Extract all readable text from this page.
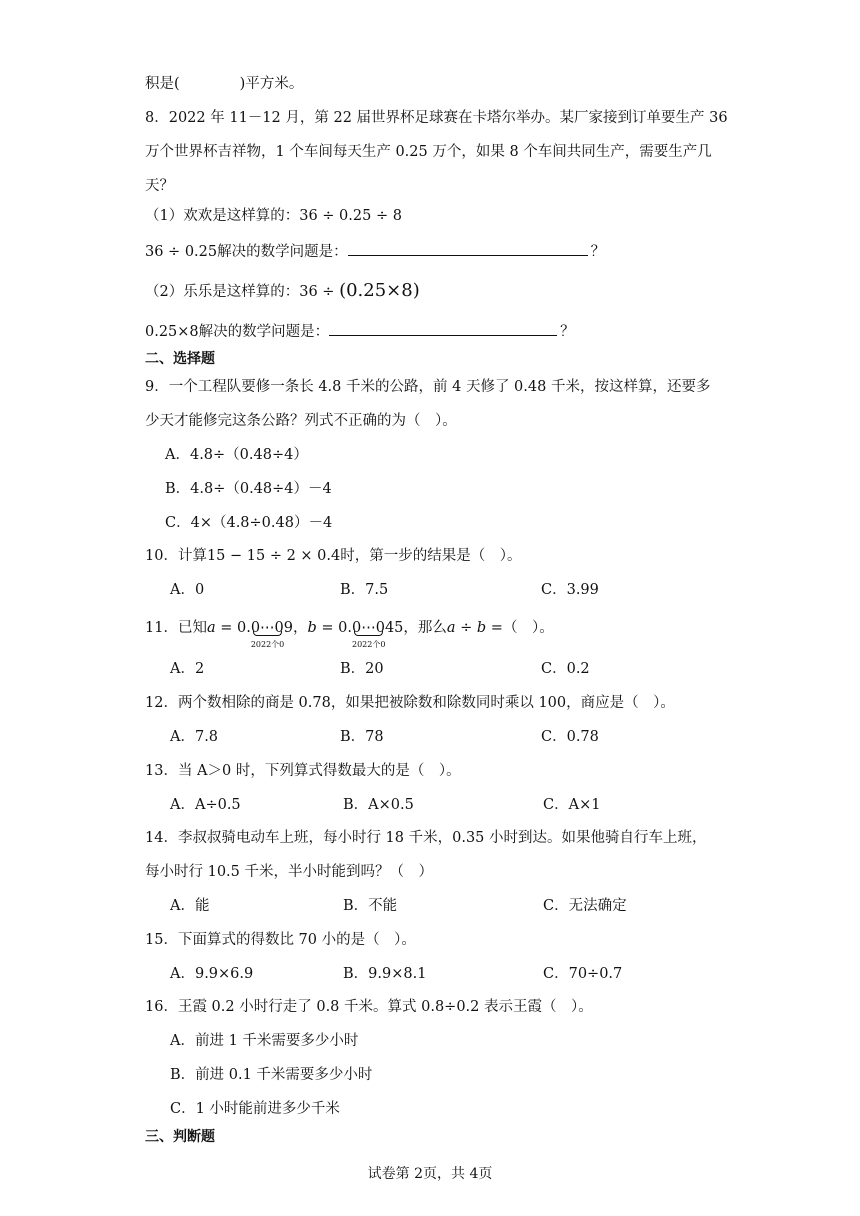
积是(	)平方米。
8．2022 年 11－12 月，第 22 届世界杯足球赛在卡塔尔举办。某厂家接到订单要生产 36
万个世界杯吉祥物，1 个车间每天生产 0.25 万个，如果 8 个车间共同生产，需要生产几
天？
（1）欢欢是这样算的：36 ÷ 0.25 ÷ 8
36 ÷ 0.25解决的数学问题是：	？
（2）乐乐是这样算的：36 ÷ (0.25×8)
0.25×8解决的数学问题是：	？
二、选择题
9．一个工程队要修一条长 4.8 千米的公路，前 4 天修了 0.48 千米，按这样算，还要多
少天才能修完这条公路？列式不正确的为（　）。
A．4.8÷（0.48÷4）
B．4.8÷（0.48÷4）－4
C．4×（4.8÷0.48）－4
10．计算15 − 15 ÷ 2 × 0.4时，第一步的结果是（　）。
A．0	B．7.5	C．3.99
11．已知a = 0.0⋯0
2022个0
9，b = 0.0⋯0
2022个0
45，那么a ÷ b =（　）。
A．2	B．20	C．0.2
12．两个数相除的商是 0.78，如果把被除数和除数同时乘以 100，商应是（　）。
A．7.8	B．78	C．0.78
13．当 A＞0 时，下列算式得数最大的是（　）。
A．A÷0.5	B．A×0.5	C．A×1
14．李叔叔骑电动车上班，每小时行 18 千米，0.35 小时到达。如果他骑自行车上班，
每小时行 10.5 千米，半小时能到吗？（　）
A．能	B．不能	C．无法确定
15．下面算式的得数比 70 小的是（　）。
A．9.9×6.9	B．9.9×8.1	C．70÷0.7
16．王霞 0.2 小时行走了 0.8 千米。算式 0.8÷0.2 表示王霞（　）。
A．前进 1 千米需要多少小时
B．前进 0.1 千米需要多少小时
C．1 小时能前进多少千米
三、判断题
试卷第 2页，共 4页
